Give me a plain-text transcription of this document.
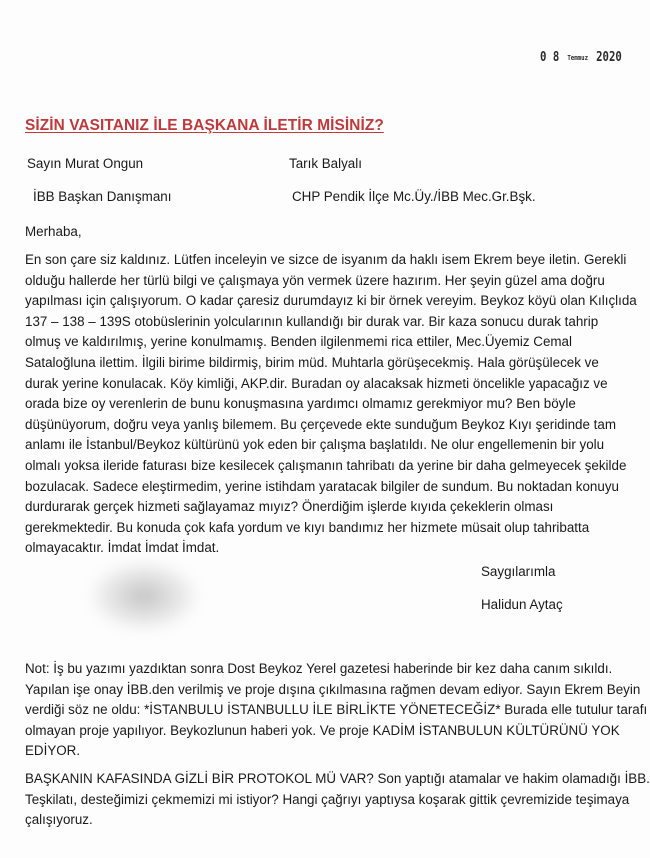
0 8 Temmuz 2020
SİZİN VASITANIZ İLE BAŞKANA İLETİR MİSİNİZ?
Sayın Murat Ongun	Tarık Balyalı
İBB Başkan Danışmanı	CHP Pendik İlçe Mc.Üy./İBB Mec.Gr.Bşk.
Merhaba,
En son çare siz kaldınız. Lütfen inceleyin ve sizce de isyanım da haklı isem Ekrem beye iletin. Gerekli
olduğu hallerde her türlü bilgi ve çalışmaya yön vermek üzere hazırım. Her şeyin güzel ama doğru
yapılması için çalışıyorum. O kadar çaresiz durumdayız ki bir örnek vereyim. Beykoz köyü olan Kılıçlıda
137 – 138 – 139S otobüslerinin yolcularının kullandığı bir durak var. Bir kaza sonucu durak tahrip
olmuş ve kaldırılmış, yerine konulmamış. Benden ilgilenmemi rica ettiler, Mec.Üyemiz Cemal
Sataloğluna ilettim. İlgili birime bildirmiş, birim müd. Muhtarla görüşecekmiş. Hala görüşülecek ve
durak yerine konulacak. Köy kimliği, AKP.dir. Buradan oy alacaksak hizmeti öncelikle yapacağız ve
orada bize oy verenlerin de bunu konuşmasına yardımcı olmamız gerekmiyor mu? Ben böyle
düşünüyorum, doğru veya yanlış bilemem. Bu çerçevede ekte sunduğum Beykoz Kıyı şeridinde tam
anlamı ile İstanbul/Beykoz kültürünü yok eden bir çalışma başlatıldı. Ne olur engellemenin bir yolu
olmalı yoksa ileride faturası bize kesilecek çalışmanın tahribatı da yerine bir daha gelmeyecek şekilde
bozulacak. Sadece eleştirmedim, yerine istihdam yaratacak bilgiler de sundum. Bu noktadan konuyu
durdurarak gerçek hizmeti sağlayamaz mıyız? Önerdiğim işlerde kıyıda çekeklerin olması
gerekmektedir. Bu konuda çok kafa yordum ve kıyı bandımız her hizmete müsait olup tahribatta
olmayacaktır. İmdat İmdat İmdat.
Saygılarımla
Halidun Aytaç
Not: İş bu yazımı yazdıktan sonra Dost Beykoz Yerel gazetesi haberinde bir kez daha canım sıkıldı.
Yapılan işe onay İBB.den verilmiş ve proje dışına çıkılmasına rağmen devam ediyor. Sayın Ekrem Beyin
verdiği söz ne oldu: *İSTANBULU İSTANBULLU İLE BİRLİKTE YÖNETECEĞİZ* Burada elle tutulur tarafı
olmayan proje yapılıyor. Beykozlunun haberi yok. Ve proje KADİM İSTANBULUN KÜLTÜRÜNÜ YOK
EDİYOR.
BAŞKANIN KAFASINDA GİZLİ BİR PROTOKOL MÜ VAR? Son yaptığı atamalar ve hakim olamadığı İBB.
Teşkilatı, desteğimizi çekmemizi mi istiyor? Hangi çağrıyı yaptıysa koşarak gittik çevremizide teşimaya
çalışıyoruz.
